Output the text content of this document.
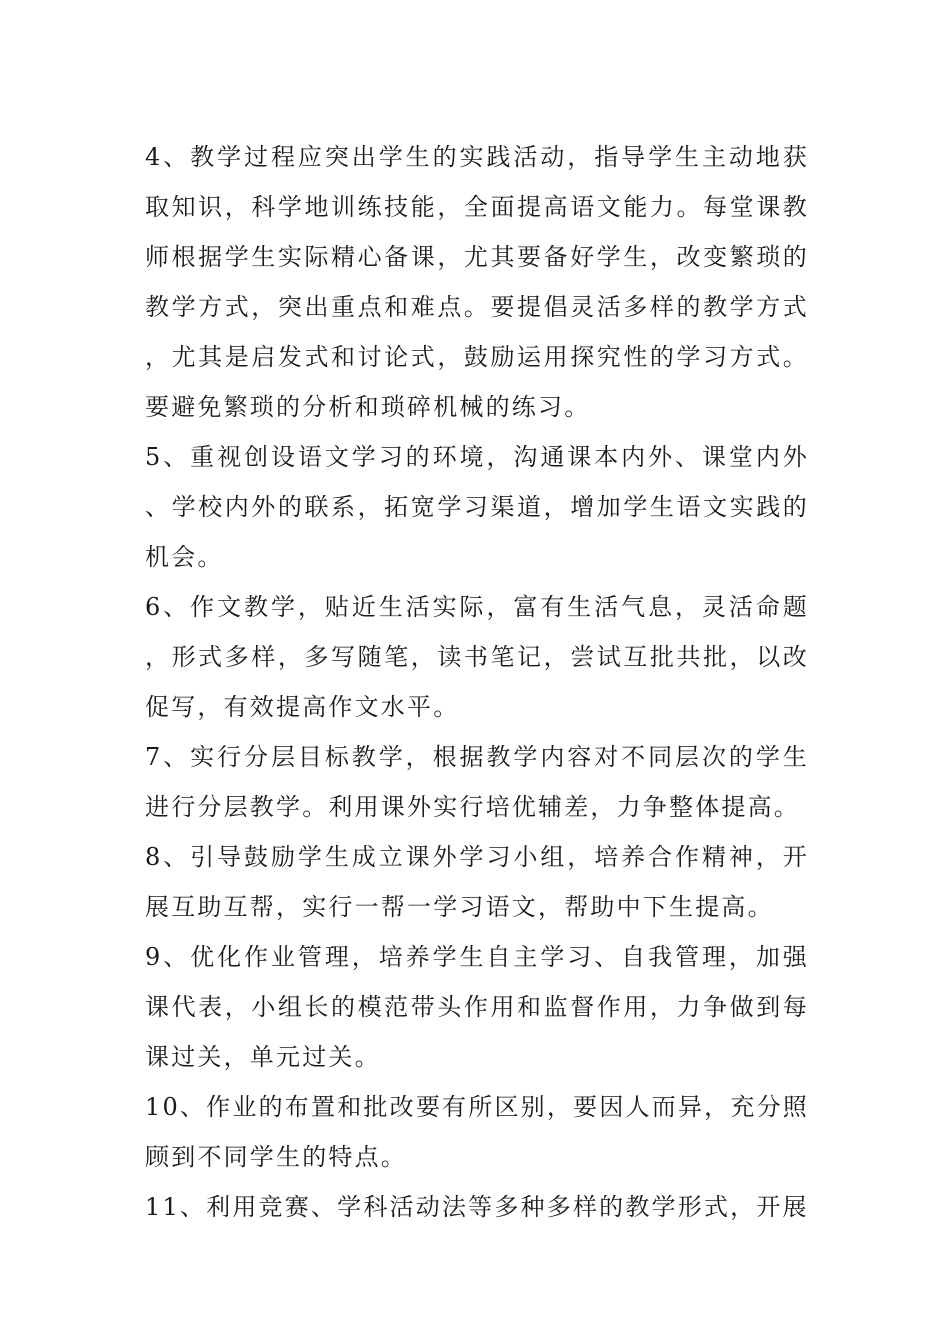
4、教学过程应突出学生的实践活动，指导学生主动地获取知识，科学地训练技能，全面提高语文能力。每堂课教师根据学生实际精心备课，尤其要备好学生，改变繁琐的教学方式，突出重点和难点。要提倡灵活多样的教学方式，尤其是启发式和讨论式，鼓励运用探究性的学习方式。要避免繁琐的分析和琐碎机械的练习。

5、重视创设语文学习的环境，沟通课本内外、课堂内外、学校内外的联系，拓宽学习渠道，增加学生语文实践的机会。

6、作文教学，贴近生活实际，富有生活气息，灵活命题，形式多样，多写随笔，读书笔记，尝试互批共批，以改促写，有效提高作文水平。

7、实行分层目标教学，根据教学内容对不同层次的学生进行分层教学。利用课外实行培优辅差，力争整体提高。

8、引导鼓励学生成立课外学习小组，培养合作精神，开展互助互帮，实行一帮一学习语文，帮助中下生提高。

9、优化作业管理，培养学生自主学习、自我管理，加强课代表，小组长的模范带头作用和监督作用，力争做到每课过关，单元过关。

10、作业的布置和批改要有所区别，要因人而异，充分照顾到不同学生的特点。

11、利用竞赛、学科活动法等多种多样的教学形式，开展
